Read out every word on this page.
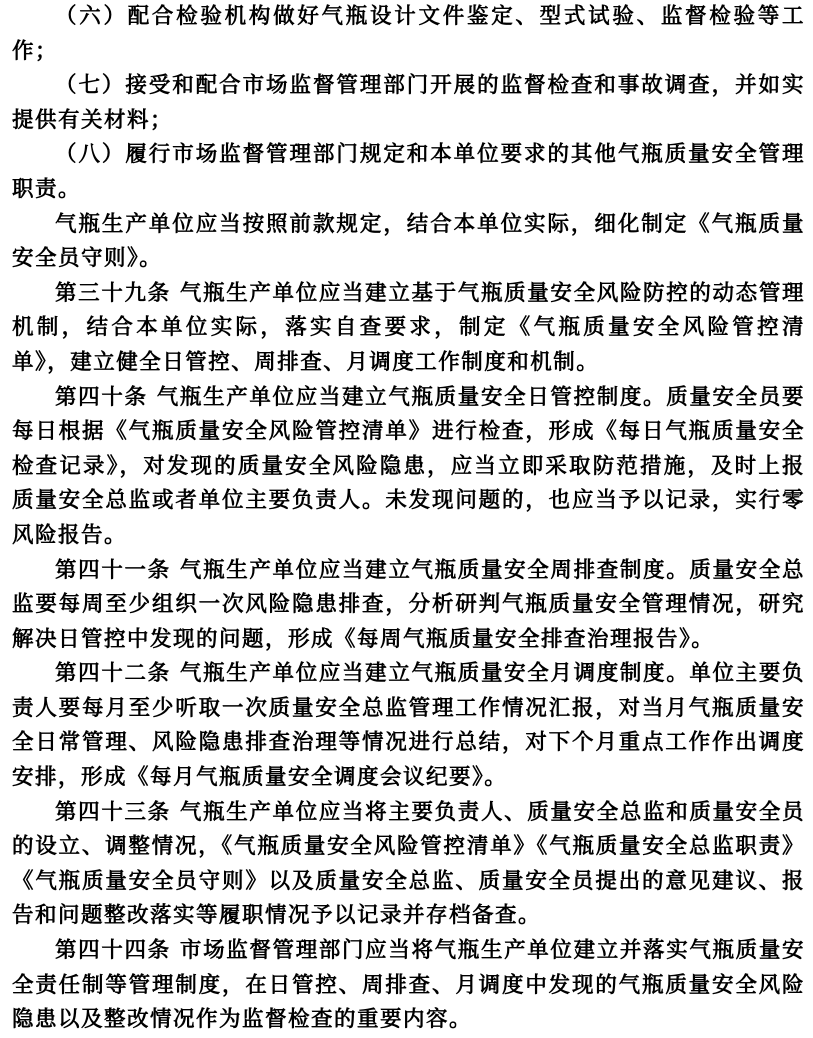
（六）配合检验机构做好气瓶设计文件鉴定、型式试验、监督检验等工作；

（七）接受和配合市场监督管理部门开展的监督检查和事故调查，并如实提供有关材料；

（八）履行市场监督管理部门规定和本单位要求的其他气瓶质量安全管理职责。

气瓶生产单位应当按照前款规定，结合本单位实际，细化制定《气瓶质量安全员守则》。

第三十九条 气瓶生产单位应当建立基于气瓶质量安全风险防控的动态管理机制，结合本单位实际，落实自查要求，制定《气瓶质量安全风险管控清单》，建立健全日管控、周排查、月调度工作制度和机制。

第四十条 气瓶生产单位应当建立气瓶质量安全日管控制度。质量安全员要每日根据《气瓶质量安全风险管控清单》进行检查，形成《每日气瓶质量安全检查记录》，对发现的质量安全风险隐患，应当立即采取防范措施，及时上报质量安全总监或者单位主要负责人。未发现问题的，也应当予以记录，实行零风险报告。

第四十一条 气瓶生产单位应当建立气瓶质量安全周排查制度。质量安全总监要每周至少组织一次风险隐患排查，分析研判气瓶质量安全管理情况，研究解决日管控中发现的问题，形成《每周气瓶质量安全排查治理报告》。

第四十二条 气瓶生产单位应当建立气瓶质量安全月调度制度。单位主要负责人要每月至少听取一次质量安全总监管理工作情况汇报，对当月气瓶质量安全日常管理、风险隐患排查治理等情况进行总结，对下个月重点工作作出调度安排，形成《每月气瓶质量安全调度会议纪要》。

第四十三条 气瓶生产单位应当将主要负责人、质量安全总监和质量安全员的设立、调整情况，《气瓶质量安全风险管控清单》《气瓶质量安全总监职责》《气瓶质量安全员守则》以及质量安全总监、质量安全员提出的意见建议、报告和问题整改落实等履职情况予以记录并存档备查。

第四十四条 市场监督管理部门应当将气瓶生产单位建立并落实气瓶质量安全责任制等管理制度，在日管控、周排查、月调度中发现的气瓶质量安全风险隐患以及整改情况作为监督检查的重要内容。
